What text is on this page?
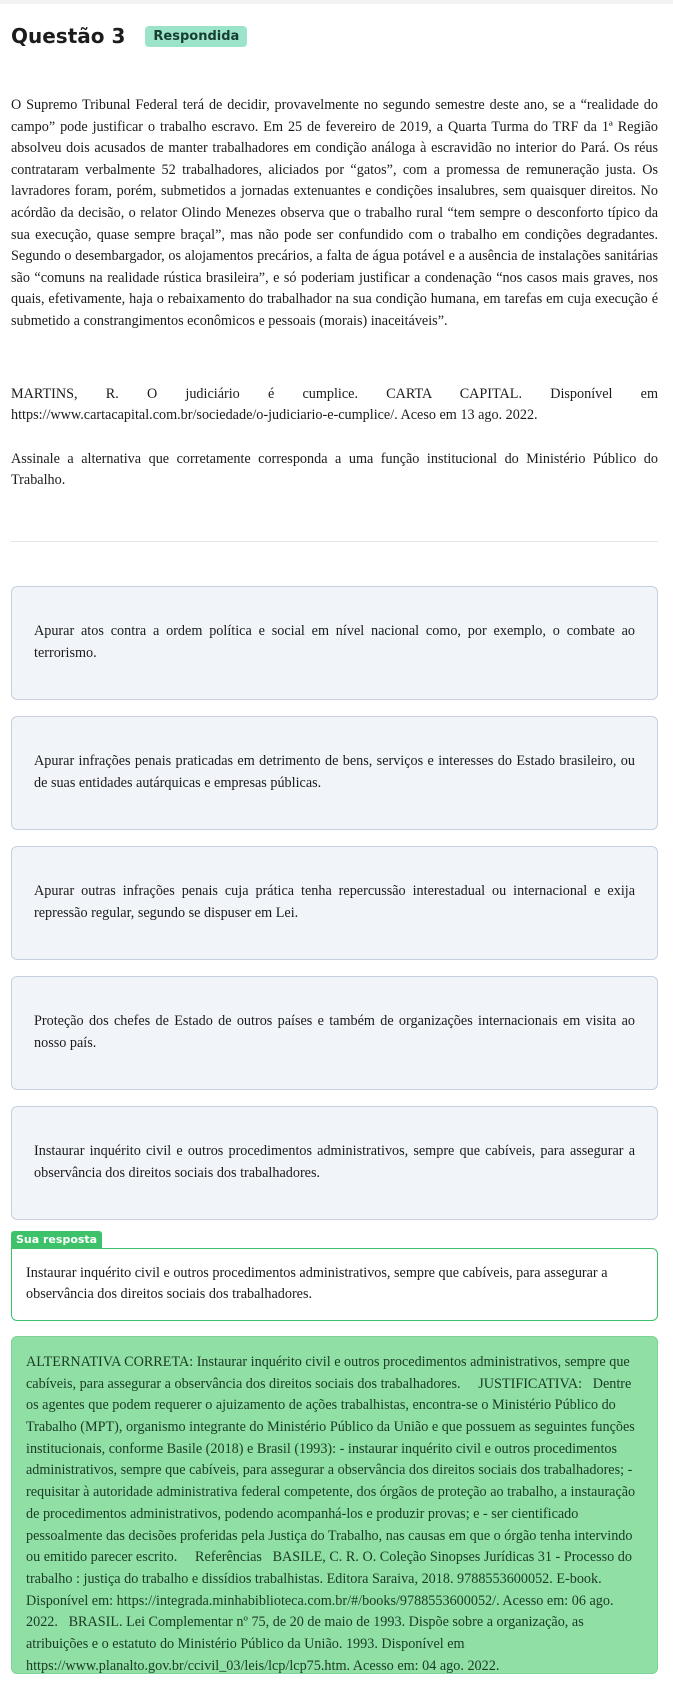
Questão 3	Respondida

O Supremo Tribunal Federal terá de decidir, provavelmente no segundo semestre deste ano, se a “realidade do campo” pode justificar o trabalho escravo. Em 25 de fevereiro de 2019, a Quarta Turma do TRF da 1ª Região absolveu dois acusados de manter trabalhadores em condição análoga à escravidão no interior do Pará. Os réus contrataram verbalmente 52 trabalhadores, aliciados por “gatos”, com a promessa de remuneração justa. Os lavradores foram, porém, submetidos a jornadas extenuantes e condições insalubres, sem quaisquer direitos. No acórdão da decisão, o relator Olindo Menezes observa que o trabalho rural “tem sempre o desconforto típico da sua execução, quase sempre braçal”, mas não pode ser confundido com o trabalho em condições degradantes. Segundo o desembargador, os alojamentos precários, a falta de água potável e a ausência de instalações sanitárias são “comuns na realidade rústica brasileira”, e só poderiam justificar a condenação “nos casos mais graves, nos quais, efetivamente, haja o rebaixamento do trabalhador na sua condição humana, em tarefas em cuja execução é submetido a constrangimentos econômicos e pessoais (morais) inaceitáveis”.

MARTINS, R. O judiciário é cumplice. CARTA CAPITAL. Disponível em https://www.cartacapital.com.br/sociedade/o-judiciario-e-cumplice/. Aceso em 13 ago. 2022.

Assinale a alternativa que corretamente corresponda a uma função institucional do Ministério Público do Trabalho.

Apurar atos contra a ordem política e social em nível nacional como, por exemplo, o combate ao terrorismo.
Apurar infrações penais praticadas em detrimento de bens, serviços e interesses do Estado brasileiro, ou de suas entidades autárquicas e empresas públicas.
Apurar outras infrações penais cuja prática tenha repercussão interestadual ou internacional e exija repressão regular, segundo se dispuser em Lei.
Proteção dos chefes de Estado de outros países e também de organizações internacionais em visita ao nosso país.
Instaurar inquérito civil e outros procedimentos administrativos, sempre que cabíveis, para assegurar a observância dos direitos sociais dos trabalhadores.
Sua resposta
Instaurar inquérito civil e outros procedimentos administrativos, sempre que cabíveis, para assegurar a observância dos direitos sociais dos trabalhadores.
ALTERNATIVA CORRETA: Instaurar inquérito civil e outros procedimentos administrativos, sempre que cabíveis, para assegurar a observância dos direitos sociais dos trabalhadores.     JUSTIFICATIVA:   Dentre os agentes que podem requerer o ajuizamento de ações trabalhistas, encontra-se o Ministério Público do Trabalho (MPT), organismo integrante do Ministério Público da União e que possuem as seguintes funções institucionais, conforme Basile (2018) e Brasil (1993): - instaurar inquérito civil e outros procedimentos administrativos, sempre que cabíveis, para assegurar a observância dos direitos sociais dos trabalhadores; - requisitar à autoridade administrativa federal competente, dos órgãos de proteção ao trabalho, a instauração de procedimentos administrativos, podendo acompanhá-los e produzir provas; e - ser cientificado pessoalmente das decisões proferidas pela Justiça do Trabalho, nas causas em que o órgão tenha intervindo ou emitido parecer escrito.     Referências   BASILE, C. R. O. Coleção Sinopses Jurídicas 31 - Processo do trabalho : justiça do trabalho e dissídios trabalhistas. Editora Saraiva, 2018. 9788553600052. E-book. Disponível em: https://integrada.minhabiblioteca.com.br/#/books/9788553600052/. Acesso em: 06 ago. 2022.   BRASIL. Lei Complementar nº 75, de 20 de maio de 1993. Dispõe sobre a organização, as atribuições e o estatuto do Ministério Público da União. 1993. Disponível em https://www.planalto.gov.br/ccivil_03/leis/lcp/lcp75.htm. Acesso em: 04 ago. 2022.
